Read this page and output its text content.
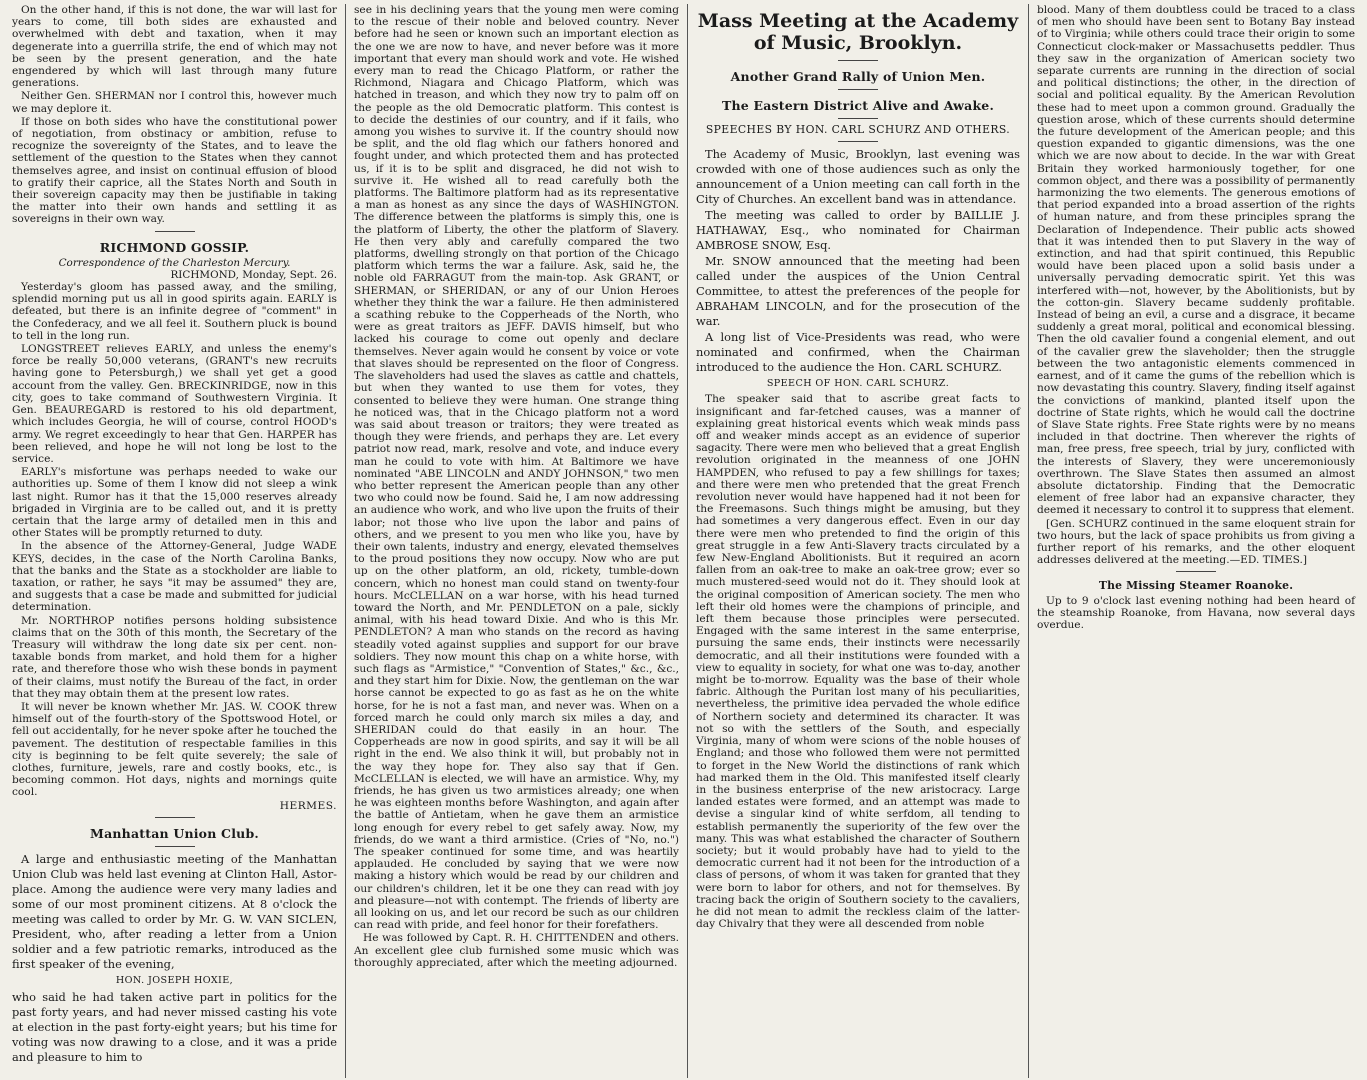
On the other hand, if this is not done, the war will last for years to come, till both sides are exhausted and overwhelmed with debt and taxation, when it may degenerate into a guerrilla strife, the end of which may not be seen by the present generation, and the hate engendered by which will last through many future generations.

Neither Gen. SHERMAN nor I control this, however much we may deplore it.

If those on both sides who have the constitutional power of negotiation, from obstinacy or ambition, refuse to recognize the sovereignty of the States, and to leave the settlement of the question to the States when they cannot themselves agree, and insist on continual effusion of blood to gratify their caprice, all the States North and South in their sovereign capacity may then be justifiable in taking the matter into their own hands and settling it as sovereigns in their own way.

RICHMOND GOSSIP.
Correspondence of the Charleston Mercury.
RICHMOND, Monday, Sept. 26.

Yesterday's gloom has passed away, and the smiling, splendid morning put us all in good spirits again. EARLY is defeated, but there is an infinite degree of "comment" in the Confederacy, and we all feel it. Southern pluck is bound to tell in the long run.

LONGSTREET relieves EARLY, and unless the enemy's force be really 50,000 veterans, (GRANT's new recruits having gone to Petersburgh,) we shall yet get a good account from the valley. Gen. BRECKINRIDGE, now in this city, goes to take command of Southwestern Virginia. It Gen. BEAUREGARD is restored to his old department, which includes Georgia, he will of course, control HOOD's army. We regret exceedingly to hear that Gen. HARPER has been relieved, and hope he will not long be lost to the service.

EARLY's misfortune was perhaps needed to wake our authorities up. Some of them I know did not sleep a wink last night. Rumor has it that the 15,000 reserves already brigaded in Virginia are to be called out, and it is pretty certain that the large army of detailed men in this and other States will be promptly returned to duty.

In the absence of the Attorney-General, Judge WADE KEYS, decides, in the case of the North Carolina Banks, that the banks and the State as a stockholder are liable to taxation, or rather, he says "it may be assumed" they are, and suggests that a case be made and submitted for judicial determination.

Mr. NORTHROP notifies persons holding subsistence claims that on the 30th of this month, the Secretary of the Treasury will withdraw the long date six per cent. non-taxable bonds from market, and hold them for a higher rate, and therefore those who wish these bonds in payment of their claims, must notify the Bureau of the fact, in order that they may obtain them at the present low rates.

It will never be known whether Mr. JAS. W. COOK threw himself out of the fourth-story of the Spottswood Hotel, or fell out accidentally, for he never spoke after he touched the pavement. The destitution of respectable families in this city is beginning to be felt quite severely; the sale of clothes, furniture, jewels, rare and costly books, etc., is becoming common. Hot days, nights and mornings quite cool.

HERMES.
Manhattan Union Club.

A large and enthusiastic meeting of the Manhattan Union Club was held last evening at Clinton Hall, Astor-place. Among the audience were very many ladies and some of our most prominent citizens. At 8 o'clock the meeting was called to order by Mr. G. W. VAN SICLEN, President, who, after reading a letter from a Union soldier and a few patriotic remarks, introduced as the first speaker of the evening,

HON. JOSEPH HOXIE,

who said he had taken active part in politics for the past forty years, and had never missed casting his vote at election in the past forty-eight years; but his time for voting was now drawing to a close, and it was a pride and pleasure to him to

see in his declining years that the young men were coming to the rescue of their noble and beloved country. Never before had he seen or known such an important election as the one we are now to have, and never before was it more important that every man should work and vote. He wished every man to read the Chicago Platform, or rather the Richmond, Niagara and Chicago Platform, which was hatched in treason, and which they now try to palm off on the people as the old Democratic platform. This contest is to decide the destinies of our country, and if it fails, who among you wishes to survive it. If the country should now be split, and the old flag which our fathers honored and fought under, and which protected them and has protected us, if it is to be split and disgraced, he did not wish to survive it. He wished all to read carefully both the platforms. The Baltimore platform had as its representative a man as honest as any since the days of WASHINGTON. The difference between the platforms is simply this, one is the platform of Liberty, the other the platform of Slavery. He then very ably and carefully compared the two platforms, dwelling strongly on that portion of the Chicago platform which terms the war a failure. Ask, said he, the noble old FARRAGUT from the main-top. Ask GRANT, or SHERMAN, or SHERIDAN, or any of our Union Heroes whether they think the war a failure. He then administered a scathing rebuke to the Copperheads of the North, who were as great traitors as JEFF. DAVIS himself, but who lacked his courage to come out openly and declare themselves. Never again would he consent by voice or vote that slaves should be represented on the floor of Congress. The slaveholders had used the slaves as cattle and chattels, but when they wanted to use them for votes, they consented to believe they were human. One strange thing he noticed was, that in the Chicago platform not a word was said about treason or traitors; they were treated as though they were friends, and perhaps they are. Let every patriot now read, mark, resolve and vote, and induce every man he could to vote with him. At Baltimore we have nominated "ABE LINCOLN and ANDY JOHNSON," two men who better represent the American people than any other two who could now be found. Said he, I am now addressing an audience who work, and who live upon the fruits of their labor; not those who live upon the labor and pains of others, and we present to you men who like you, have by their own talents, industry and energy, elevated themselves to the proud positions they now occupy. Now who are put up on the other platform, an old, rickety, tumble-down concern, which no honest man could stand on twenty-four hours. McCLELLAN on a war horse, with his head turned toward the North, and Mr. PENDLETON on a pale, sickly animal, with his head toward Dixie. And who is this Mr. PENDLETON? A man who stands on the record as having steadily voted against supplies and support for our brave soldiers. They now mount this chap on a white horse, with such flags as "Armistice," "Convention of States," &c., &c., and they start him for Dixie. Now, the gentleman on the war horse cannot be expected to go as fast as he on the white horse, for he is not a fast man, and never was. When on a forced march he could only march six miles a day, and SHERIDAN could do that easily in an hour. The Copperheads are now in good spirits, and say it will be all right in the end. We also think it will, but probably not in the way they hope for. They also say that if Gen. McCLELLAN is elected, we will have an armistice. Why, my friends, he has given us two armistices already; one when he was eighteen months before Washington, and again after the battle of Antietam, when he gave them an armistice long enough for every rebel to get safely away. Now, my friends, do we want a third armistice. (Cries of "No, no.") The speaker continued for some time, and was heartily applauded. He concluded by saying that we were now making a history which would be read by our children and our children's children, let it be one they can read with joy and pleasure—not with contempt. The friends of liberty are all looking on us, and let our record be such as our children can read with pride, and feel honor for their forefathers.

He was followed by Capt. R. H. CHITTENDEN and others. An excellent glee club furnished some music which was thoroughly appreciated, after which the meeting adjourned.

Mass Meeting at the Academy of Music, Brooklyn.
Another Grand Rally of Union Men.
The Eastern District Alive and Awake.
SPEECHES BY HON. CARL SCHURZ AND OTHERS.

The Academy of Music, Brooklyn, last evening was crowded with one of those audiences such as only the announcement of a Union meeting can call forth in the City of Churches. An excellent band was in attendance.

The meeting was called to order by BAILLIE J. HATHAWAY, Esq., who nominated for Chairman AMBROSE SNOW, Esq.

Mr. SNOW announced that the meeting had been called under the auspices of the Union Central Committee, to attest the preferences of the people for ABRAHAM LINCOLN, and for the prosecution of the war.

A long list of Vice-Presidents was read, who were nominated and confirmed, when the Chairman introduced to the audience the Hon. CARL SCHURZ.

SPEECH OF HON. CARL SCHURZ.

The speaker said that to ascribe great facts to insignificant and far-fetched causes, was a manner of explaining great historical events which weak minds pass off and weaker minds accept as an evidence of superior sagacity. There were men who believed that a great English revolution originated in the meanness of one JOHN HAMPDEN, who refused to pay a few shillings for taxes; and there were men who pretended that the great French revolution never would have happened had it not been for the Freemasons. Such things might be amusing, but they had sometimes a very dangerous effect. Even in our day there were men who pretended to find the origin of this great struggle in a few Anti-Slavery tracts circulated by a few New-England Abolitionists. But it required an acorn fallen from an oak-tree to make an oak-tree grow; ever so much mustered-seed would not do it. They should look at the original composition of American society. The men who left their old homes were the champions of principle, and left them because those principles were persecuted. Engaged with the same interest in the same enterprise, pursuing the same ends, their instincts were necessarily democratic, and all their institutions were founded with a view to equality in society, for what one was to-day, another might be to-morrow. Equality was the base of their whole fabric. Although the Puritan lost many of his peculiarities, nevertheless, the primitive idea pervaded the whole edifice of Northern society and determined its character. It was not so with the settlers of the South, and especially Virginia, many of whom were scions of the noble houses of England; and those who followed them were not permitted to forget in the New World the distinctions of rank which had marked them in the Old. This manifested itself clearly in the business enterprise of the new aristocracy. Large landed estates were formed, and an attempt was made to devise a singular kind of white serfdom, all tending to establish permanently the superiority of the few over the many. This was what established the character of Southern society; but it would probably have had to yield to the democratic current had it not been for the introduction of a class of persons, of whom it was taken for granted that they were born to labor for others, and not for themselves. By tracing back the origin of Southern society to the cavaliers, he did not mean to admit the reckless claim of the latter-day Chivalry that they were all descended from noble

blood. Many of them doubtless could be traced to a class of men who should have been sent to Botany Bay instead of to Virginia; while others could trace their origin to some Connecticut clock-maker or Massachusetts peddler. Thus they saw in the organization of American society two separate currents are running in the direction of social and political distinctions; the other, in the direction of social and political equality. By the American Revolution these had to meet upon a common ground. Gradually the question arose, which of these currents should determine the future development of the American people; and this question expanded to gigantic dimensions, was the one which we are now about to decide. In the war with Great Britain they worked harmoniously together, for one common object, and there was a possibility of permanently harmonizing the two elements. The generous emotions of that period expanded into a broad assertion of the rights of human nature, and from these principles sprang the Declaration of Independence. Their public acts showed that it was intended then to put Slavery in the way of extinction, and had that spirit continued, this Republic would have been placed upon a solid basis under a universally pervading democratic spirit. Yet this was interfered with—not, however, by the Abolitionists, but by the cotton-gin. Slavery became suddenly profitable. Instead of being an evil, a curse and a disgrace, it became suddenly a great moral, political and economical blessing. Then the old cavalier found a congenial element, and out of the cavalier grew the slaveholder; then the struggle between the two antagonistic elements commenced in earnest, and of it came the gums of the rebellion which is now devastating this country. Slavery, finding itself against the convictions of mankind, planted itself upon the doctrine of State rights, which he would call the doctrine of Slave State rights. Free State rights were by no means included in that doctrine. Then wherever the rights of man, free press, free speech, trial by jury, conflicted with the interests of Slavery, they were unceremoniously overthrown. The Slave States then assumed an almost absolute dictatorship. Finding that the Democratic element of free labor had an expansive character, they deemed it necessary to control it to suppress that element.

[Gen. SCHURZ continued in the same eloquent strain for two hours, but the lack of space prohibits us from giving a further report of his remarks, and the other eloquent addresses delivered at the meeting.—ED. TIMES.]

The Missing Steamer Roanoke.

Up to 9 o'clock last evening nothing had been heard of the steamship Roanoke, from Havana, now several days overdue.
